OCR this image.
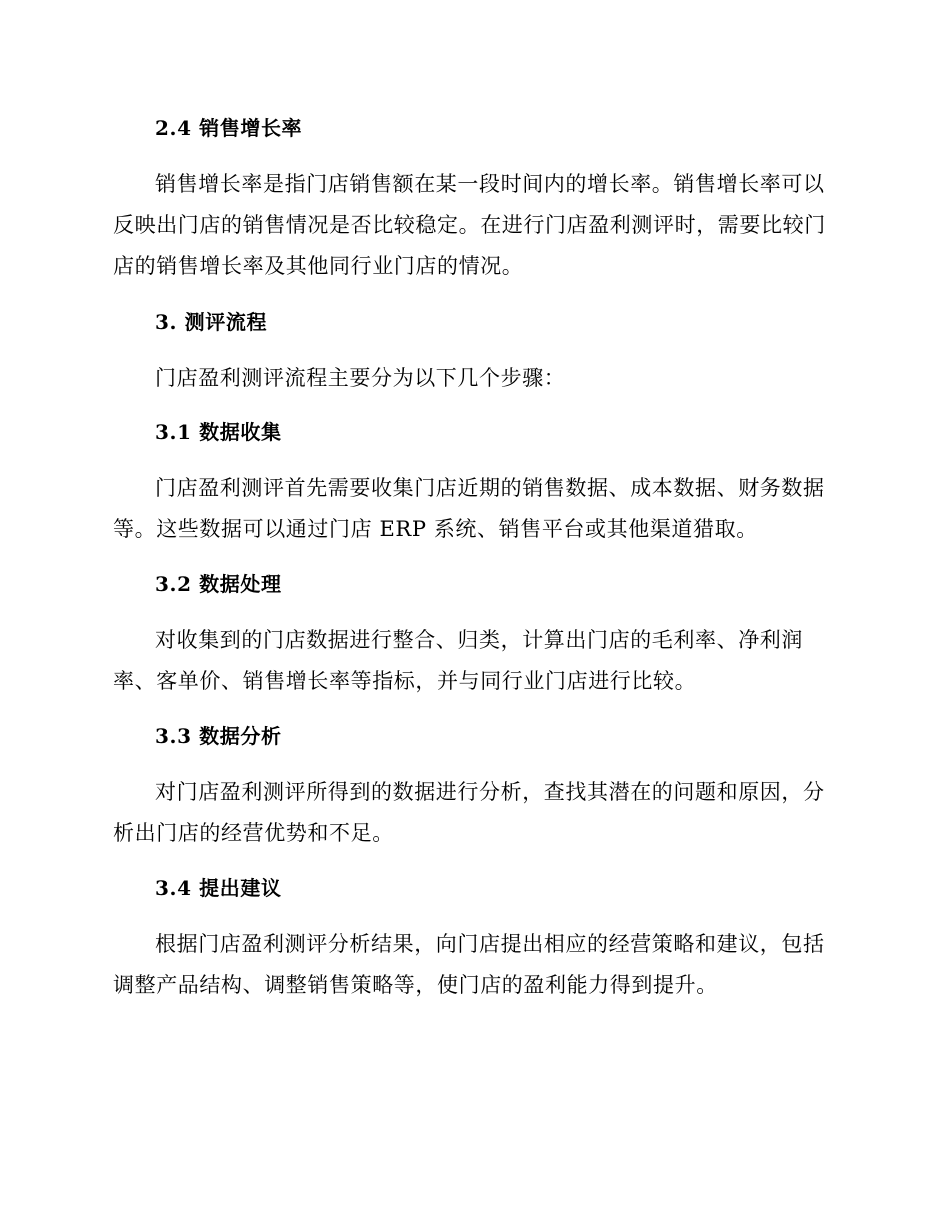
2.4 销售增长率
销售增长率是指门店销售额在某一段时间内的增长率。销售增长率可以
反映出门店的销售情况是否比较稳定。在进行门店盈利测评时，需要比较门
店的销售增长率及其他同行业门店的情况。
3. 测评流程
门店盈利测评流程主要分为以下几个步骤：
3.1 数据收集
门店盈利测评首先需要收集门店近期的销售数据、成本数据、财务数据
等。这些数据可以通过门店 ERP 系统、销售平台或其他渠道猎取。
3.2 数据处理
对收集到的门店数据进行整合、归类，计算出门店的毛利率、净利润
率、客单价、销售增长率等指标，并与同行业门店进行比较。
3.3 数据分析
对门店盈利测评所得到的数据进行分析，查找其潜在的问题和原因，分
析出门店的经营优势和不足。
3.4 提出建议
根据门店盈利测评分析结果，向门店提出相应的经营策略和建议，包括
调整产品结构、调整销售策略等，使门店的盈利能力得到提升。
